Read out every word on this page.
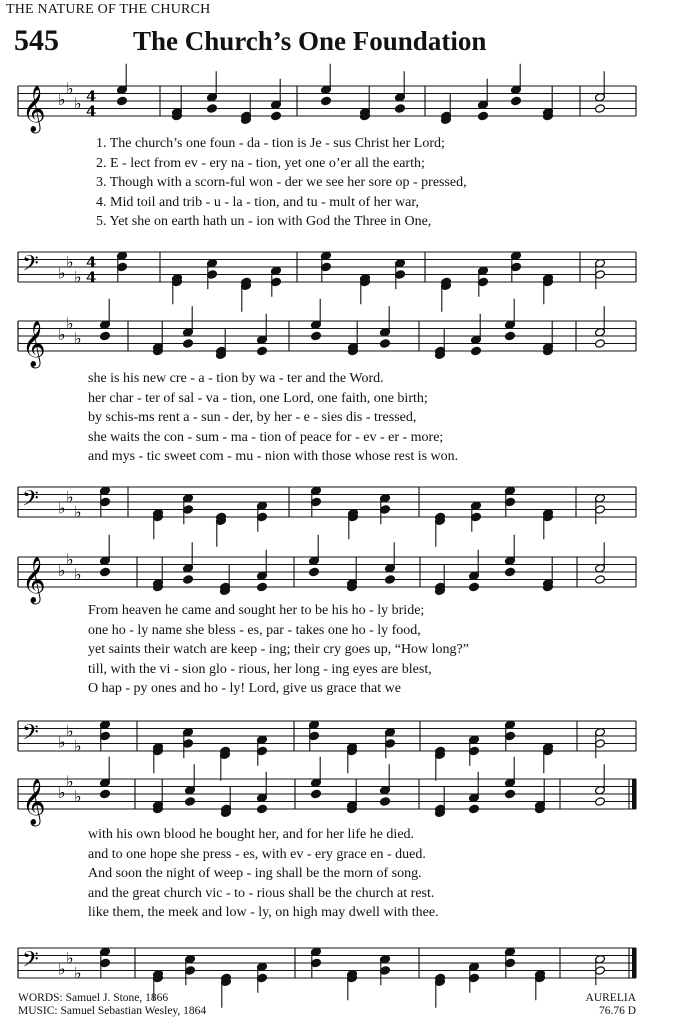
THE NATURE OF THE CHURCH
545	The Church’s One Foundation
𝄞 ♭
♭
♭ 4
4
1. The church’s one foun - da - tion is Je - sus Christ her Lord;
2. E - lect from ev - ery na - tion, yet one o’er all the earth;
3. Though with a scorn-ful won - der we see her sore op - pressed,
4. Mid toil and trib - u - la - tion, and tu - mult of her war,
5. Yet she on earth hath un - ion with God the Three in One,
𝄢 ♭
♭
♭
4
4
𝄞 ♭
♭
♭
she is his new cre - a - tion by wa - ter and the Word.
her char - ter of sal - va - tion, one Lord, one faith, one birth;
by schis-ms rent a - sun - der, by her - e - sies dis - tressed,
she waits the con - sum - ma - tion of peace for - ev - er - more;
and mys - tic sweet com - mu - nion with those whose rest is won.
𝄢 ♭
♭
♭
𝄞 ♭
♭
♭
From heaven he came and sought her to be his ho - ly bride;
one ho - ly name she bless - es, par - takes one ho - ly food,
yet saints their watch are keep - ing; their cry goes up, “How long?”
till, with the vi - sion glo - rious, her long - ing eyes are blest,
O hap - py ones and ho - ly! Lord, give us grace that we
𝄢 ♭
♭
♭
𝄞 ♭
♭
♭
with his own blood he bought her, and for her life he died.
and to one hope she press - es, with ev - ery grace en - dued.
And soon the night of weep - ing shall be the morn of song.
and the great church vic - to - rious shall be the church at rest.
like them, the meek and low - ly, on high may dwell with thee.
𝄢 ♭
♭
♭
WORDS: Samuel J. Stone, 1866
MUSIC: Samuel Sebastian Wesley, 1864
AURELIA
76.76 D
